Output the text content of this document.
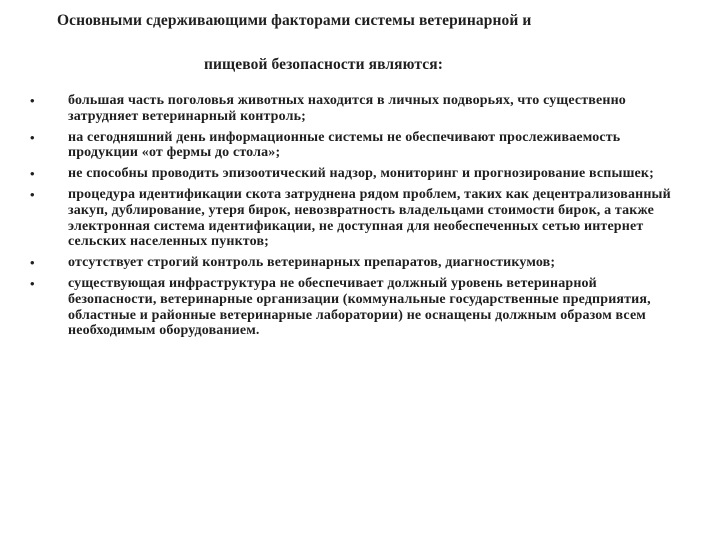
Основными сдерживающими факторами системы ветеринарной и
пищевой безопасности являются:
•	большая часть поголовья животных находится в личных подворьях, что существенно затрудняет ветеринарный контроль;
•	на сегодняшний день информационные системы не обеспечивают прослеживаемость продукции «от фермы до стола»;
•	не способны проводить эпизоотический надзор, мониторинг и прогнозирование вспышек;
•	процедура идентификации скота затруднена рядом проблем, таких как децентрализованный закуп, дублирование, утеря бирок, невозвратность владельцами стоимости бирок, а также электронная система идентификации, не доступная для необеспеченных сетью интернет сельских населенных пунктов;
•	отсутствует строгий контроль ветеринарных препаратов, диагностикумов;
•	существующая инфраструктура не обеспечивает должный уровень ветеринарной безопасности, ветеринарные организации (коммунальные государственные предприятия, областные и районные ветеринарные лаборатории) не оснащены должным образом всем необходимым оборудованием.
